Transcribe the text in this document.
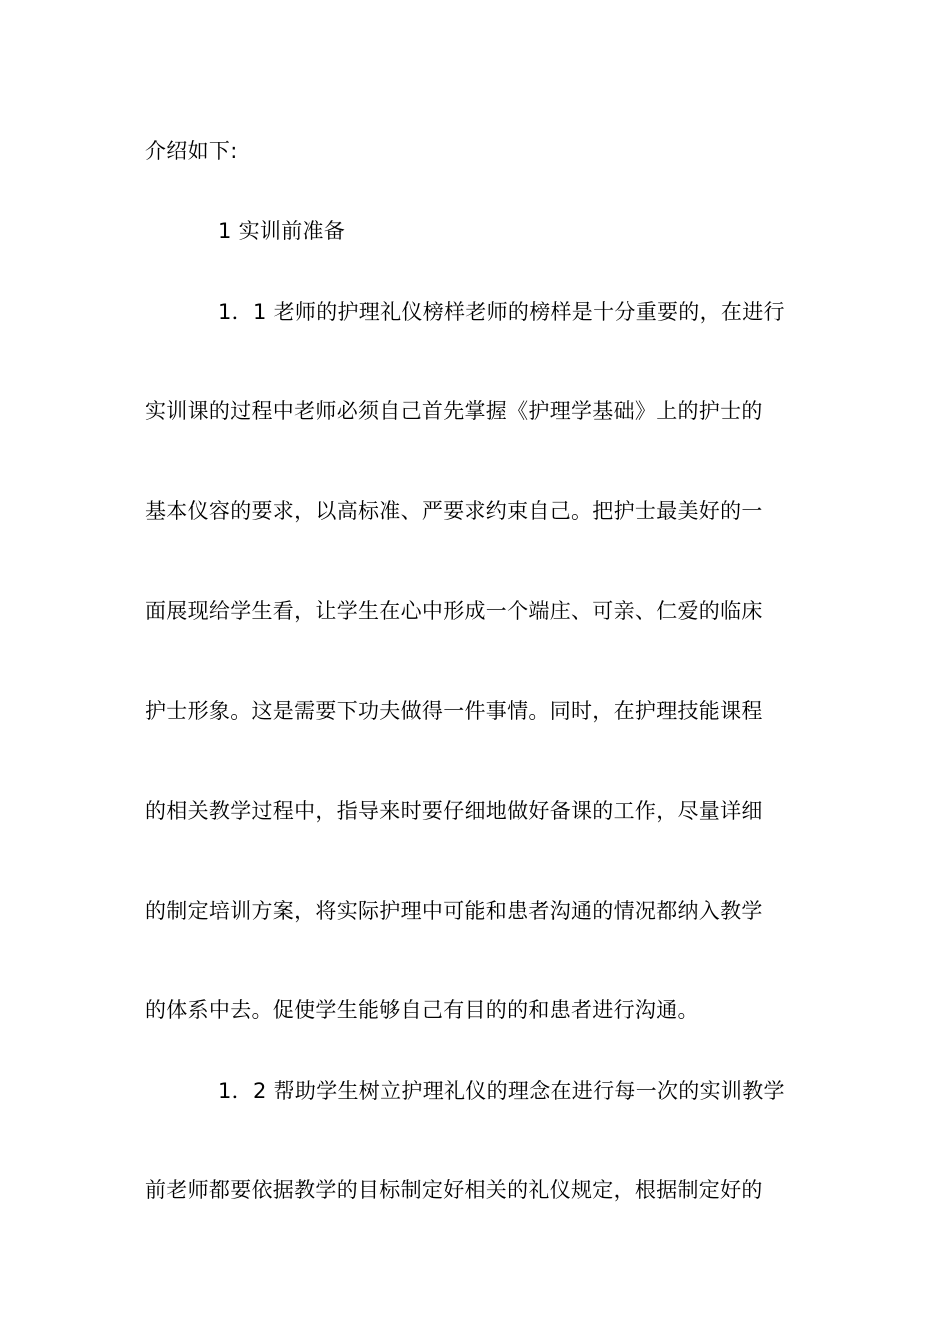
介绍如下:
1 实训前准备
1．1 老师的护理礼仪榜样老师的榜样是十分重要的，在进行
实训课的过程中老师必须自己首先掌握《护理学基础》上的护士的
基本仪容的要求，以高标准、严要求约束自己。把护士最美好的一
面展现给学生看，让学生在心中形成一个端庄、可亲、仁爱的临床
护士形象。这是需要下功夫做得一件事情。同时，在护理技能课程
的相关教学过程中，指导来时要仔细地做好备课的工作，尽量详细
的制定培训方案，将实际护理中可能和患者沟通的情况都纳入教学
的体系中去。促使学生能够自己有目的的和患者进行沟通。
1．2 帮助学生树立护理礼仪的理念在进行每一次的实训教学
前老师都要依据教学的目标制定好相关的礼仪规定，根据制定好的
